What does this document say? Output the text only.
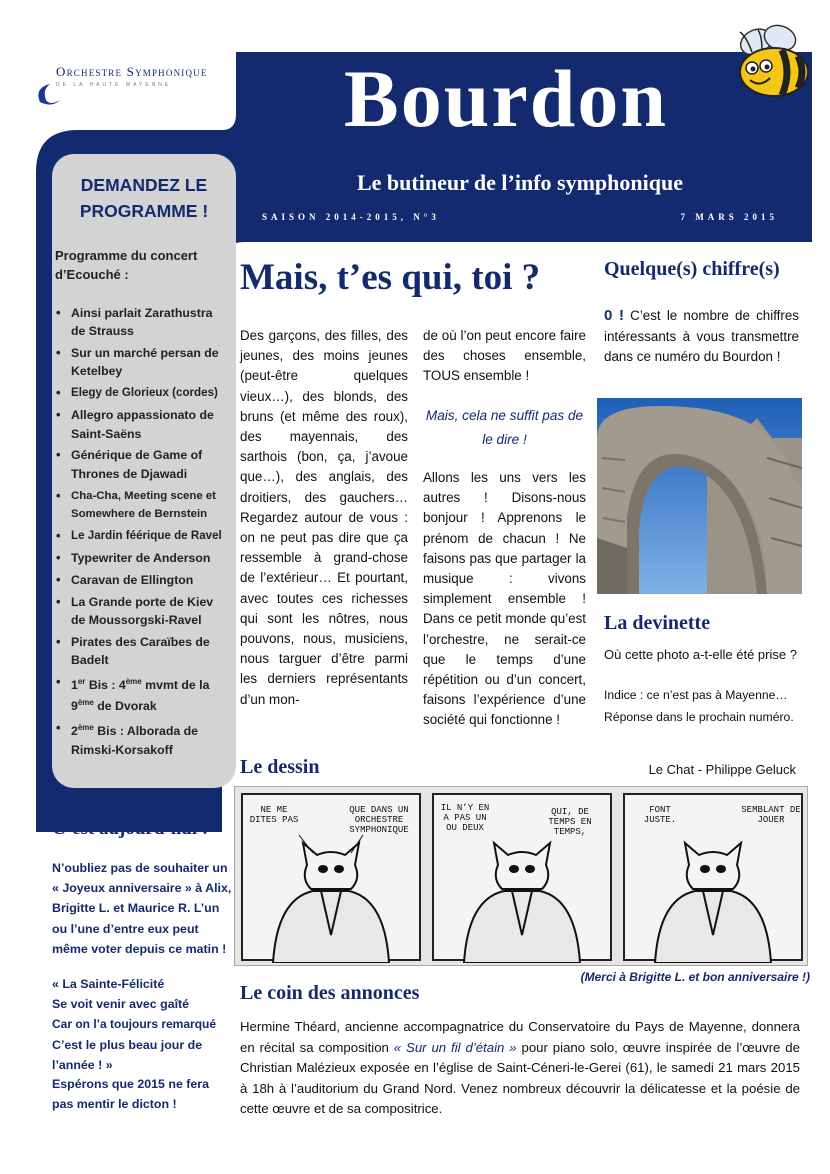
Orchestre Symphonique
DE LA HAUTE MAYENNE	Bourdon
Le butineur de l’info symphonique
SAISON 2014-2015, N°3	7 MARS 2015
DEMANDEZ LE
PROGRAMME !
Programme du concert d’Ecouché :
• Ainsi parlait Zarathustra de Strauss
• Sur un marché persan de Ketelbey
• Elegy de Glorieux (cordes)
• Allegro appassionato de Saint-Saëns
• Générique de Game of Thrones de Djawadi
• Cha-Cha, Meeting scene et Somewhere de Bernstein
• Le Jardin féérique de Ravel
• Typewriter de Anderson
• Caravan de Ellington
• La Grande porte de Kiev de Moussorgski-Ravel
• Pirates des Caraïbes de Badelt
• 1er Bis : 4ème mvmt de la 9ème de Dvorak
• 2ème Bis : Alborada de Rimski-Korsakoff
C’est aujourd’hui !
N’oubliez pas de souhaiter un « Joyeux anniversaire » à Alix, Brigitte L. et Maurice R. L’un ou l’une d’entre eux peut même voter depuis ce matin !
« La Sainte-Félicité
Se voit venir avec gaîté
Car on l’a toujours remarqué
C’est le plus beau jour de l’année ! »
Espérons que 2015 ne fera pas mentir le dicton !
Mais, t’es qui, toi ?
Des garçons, des filles, des jeunes, des moins jeunes (peut-être quelques vieux…), des blonds, des bruns (et même des roux), des mayennais, des sarthois (bon, ça, j’avoue que…), des anglais, des droitiers, des gauchers… Regardez autour de vous : on ne peut pas dire que ça ressemble à grand-chose de l’extérieur… Et pourtant, avec toutes ces richesses qui sont les nôtres, nous pouvons, nous, musiciens, nous targuer d’être parmi les derniers représentants d’un mon-
de où l’on peut encore faire des choses ensemble, TOUS ensemble !
Mais, cela ne suffit pas de le dire !
Allons les uns vers les autres ! Disons-nous bonjour ! Apprenons le prénom de chacun ! Ne faisons pas que partager la musique : vivons simplement ensemble ! Dans ce petit monde qu’est l’orchestre, ne serait-ce que le temps d’une répétition ou d’un concert, faisons l’expérience d’une société qui fonctionne !
Quelque(s) chiffre(s)
0 ! C’est le nombre de chiffres intéressants à vous transmettre dans ce numéro du Bourdon !
La devinette
Où cette photo a-t-elle été prise ?
Indice : ce n’est pas à Mayenne…
Réponse dans le prochain numéro.
Le dessin	Le Chat - Philippe Geluck
NE ME DITES PAS
QUE DANS UN ORCHESTRE SYMPHONIQUE
IL N’Y EN A PAS UN OU DEUX
QUI, DE TEMPS EN TEMPS,
FONT JUSTE.
SEMBLANT DE JOUER
(Merci à Brigitte L. et bon anniversaire !)
Le coin des annonces
Hermine Théard, ancienne accompagnatrice du Conservatoire du Pays de Mayenne, donnera en récital sa composition « Sur un fil d’étain » pour piano solo, œuvre inspirée de l’œuvre de Christian Malézieux exposée en l’église de Saint-Céneri-le-Gerei (61), le samedi 21 mars 2015 à 18h à l’auditorium du Grand Nord. Venez nombreux découvrir la délicatesse et la poésie de cette œuvre et de sa compositrice.
